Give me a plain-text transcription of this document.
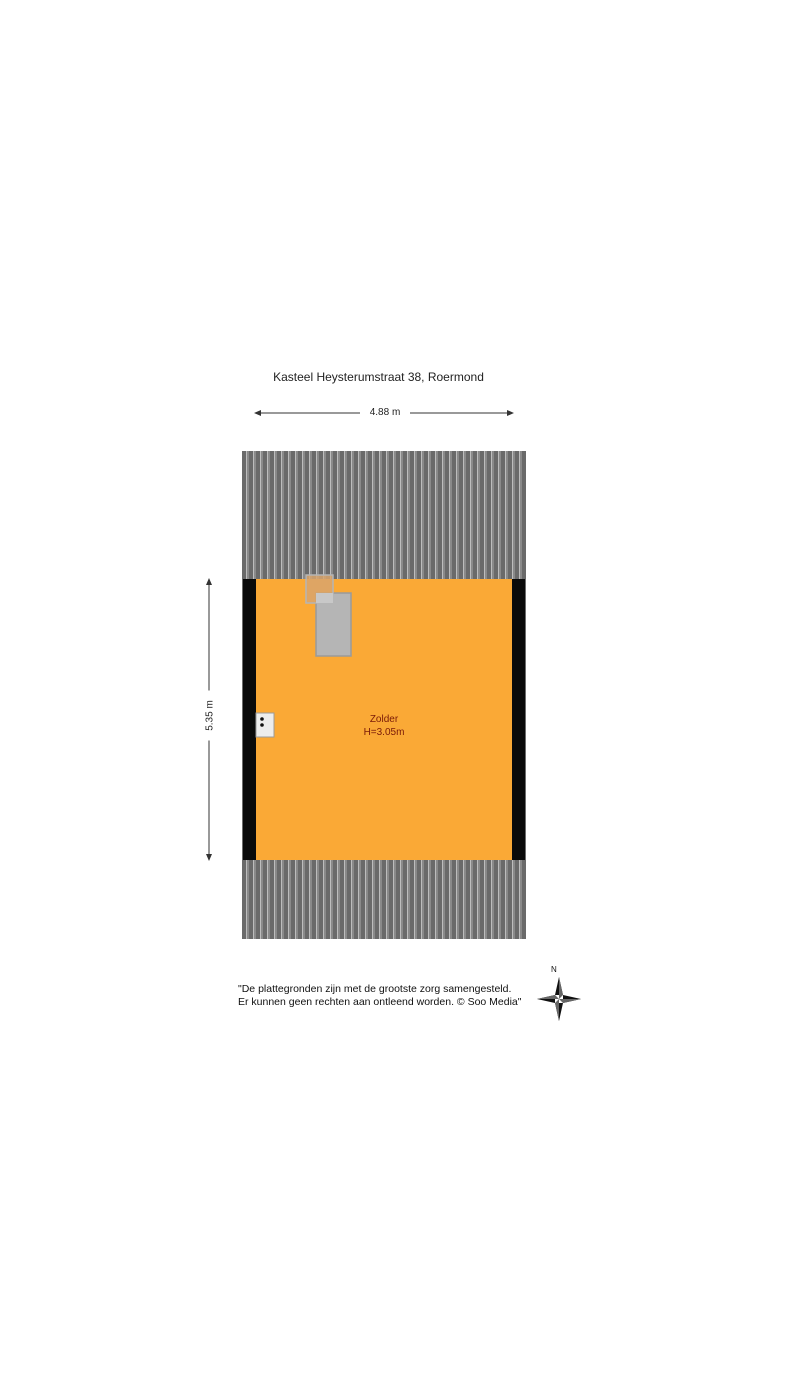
Kasteel Heysterumstraat 38, Roermond
4.88 m
5.35 m	Zolder
H=3.05m
"De plattegronden zijn met de grootste zorg samengesteld.
Er kunnen geen rechten aan ontleend worden. © Soo Media"
N
